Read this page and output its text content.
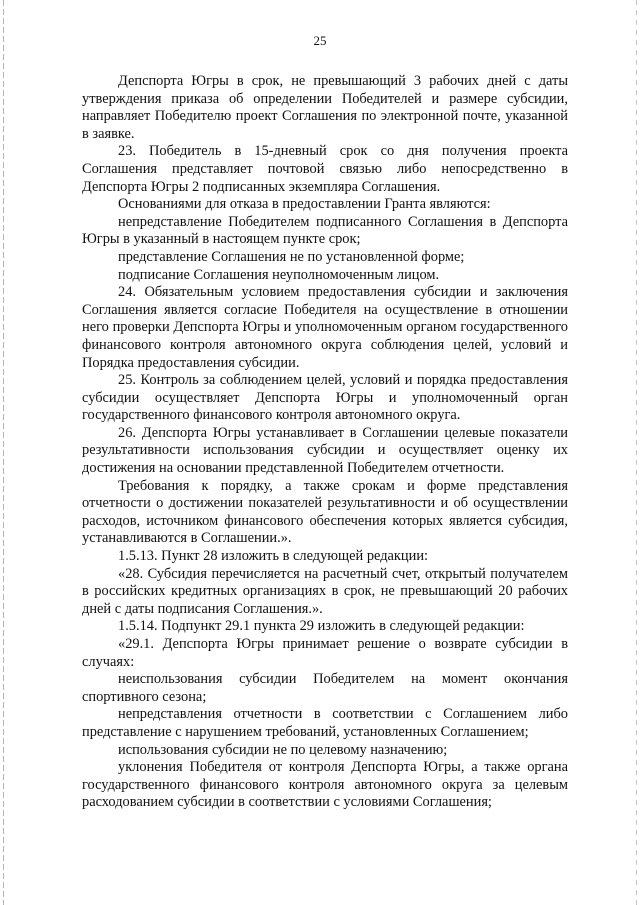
25

Депспорта Югры в срок, не превышающий 3 рабочих дней с даты утверждения приказа об определении Победителей и размере субсидии, направляет Победителю проект Соглашения по электронной почте, указанной в заявке.

23. Победитель в 15-дневный срок со дня получения проекта Соглашения представляет почтовой связью либо непосредственно в Депспорта Югры 2 подписанных экземпляра Соглашения.

Основаниями для отказа в предоставлении Гранта являются:

непредставление Победителем подписанного Соглашения в Депспорта Югры в указанный в настоящем пункте срок;

представление Соглашения не по установленной форме;

подписание Соглашения неуполномоченным лицом.

24. Обязательным условием предоставления субсидии и заключения Соглашения является согласие Победителя на осуществление в отношении него проверки Депспорта Югры и уполномоченным органом государственного финансового контроля автономного округа соблюдения целей, условий и Порядка предоставления субсидии.

25. Контроль за соблюдением целей, условий и порядка предоставления субсидии осуществляет Депспорта Югры и уполномоченный орган государственного финансового контроля автономного округа.

26. Депспорта Югры устанавливает в Соглашении целевые показатели результативности использования субсидии и осуществляет оценку их достижения на основании представленной Победителем отчетности.

Требования к порядку, а также срокам и форме представления отчетности о достижении показателей результативности и об осуществлении расходов, источником финансового обеспечения которых является субсидия, устанавливаются в Соглашении.».

1.5.13. Пункт 28 изложить в следующей редакции:

«28. Субсидия перечисляется на расчетный счет, открытый получателем в российских кредитных организациях в срок, не превышающий 20 рабочих дней с даты подписания Соглашения.».

1.5.14. Подпункт 29.1 пункта 29 изложить в следующей редакции:

«29.1. Депспорта Югры принимает решение о возврате субсидии в случаях:

неиспользования субсидии Победителем на момент окончания спортивного сезона;

непредставления отчетности в соответствии с Соглашением либо представление с нарушением требований, установленных Соглашением;

использования субсидии не по целевому назначению;

уклонения Победителя от контроля Депспорта Югры, а также органа государственного финансового контроля автономного округа за целевым расходованием субсидии в соответствии с условиями Соглашения;
